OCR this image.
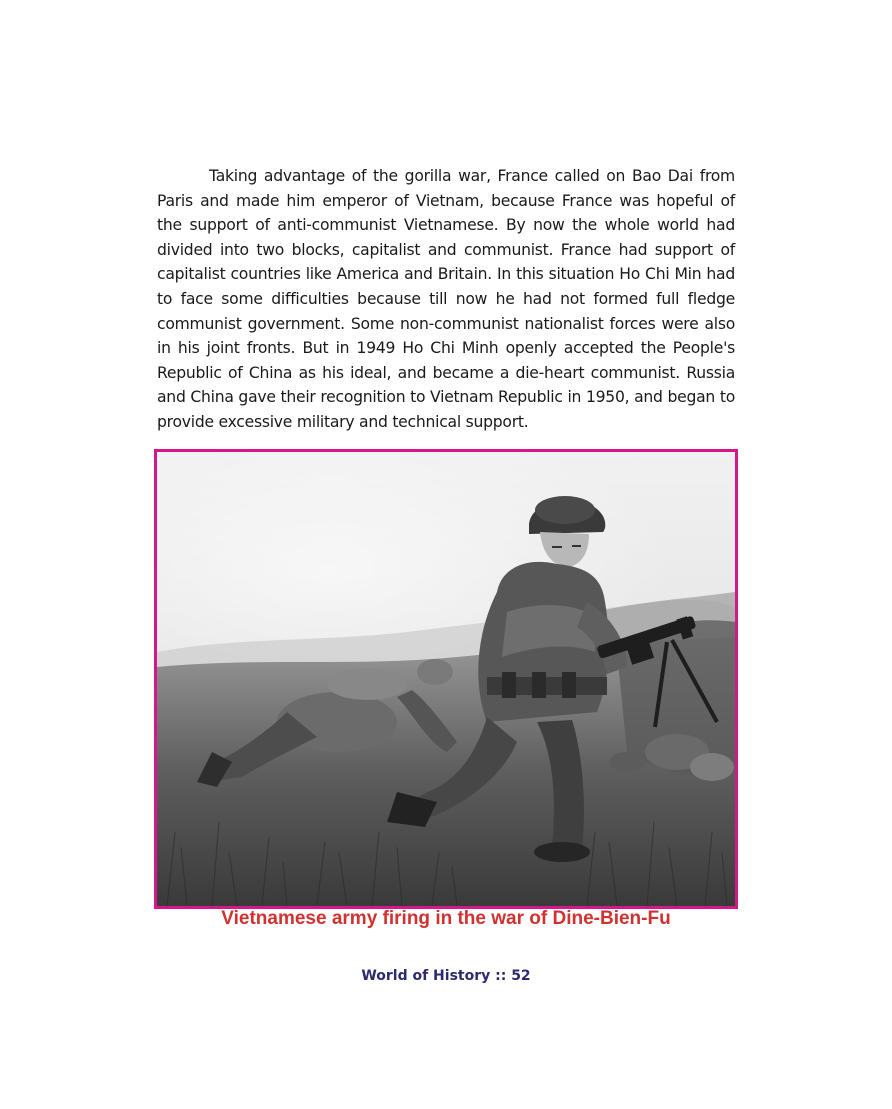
Taking advantage of the gorilla war, France called on Bao Dai from Paris and made him emperor of Vietnam, because France was hopeful of the support of anti-communist Vietnamese. By now the whole world had divided into two blocks, capitalist and communist. France had support of capitalist countries like America and Britain. In this situation Ho Chi Min had to face some difficulties because till now he had not formed full fledge communist government. Some non-communist nationalist forces were also in his joint fronts. But in 1949 Ho Chi Minh openly accepted the People's Republic of China as his ideal, and became a die-heart communist. Russia and China gave their recognition to Vietnam Republic in 1950, and began to provide excessive military and technical support.

Vietnamese army firing in the war of Dine-Bien-Fu

World of History :: 52
